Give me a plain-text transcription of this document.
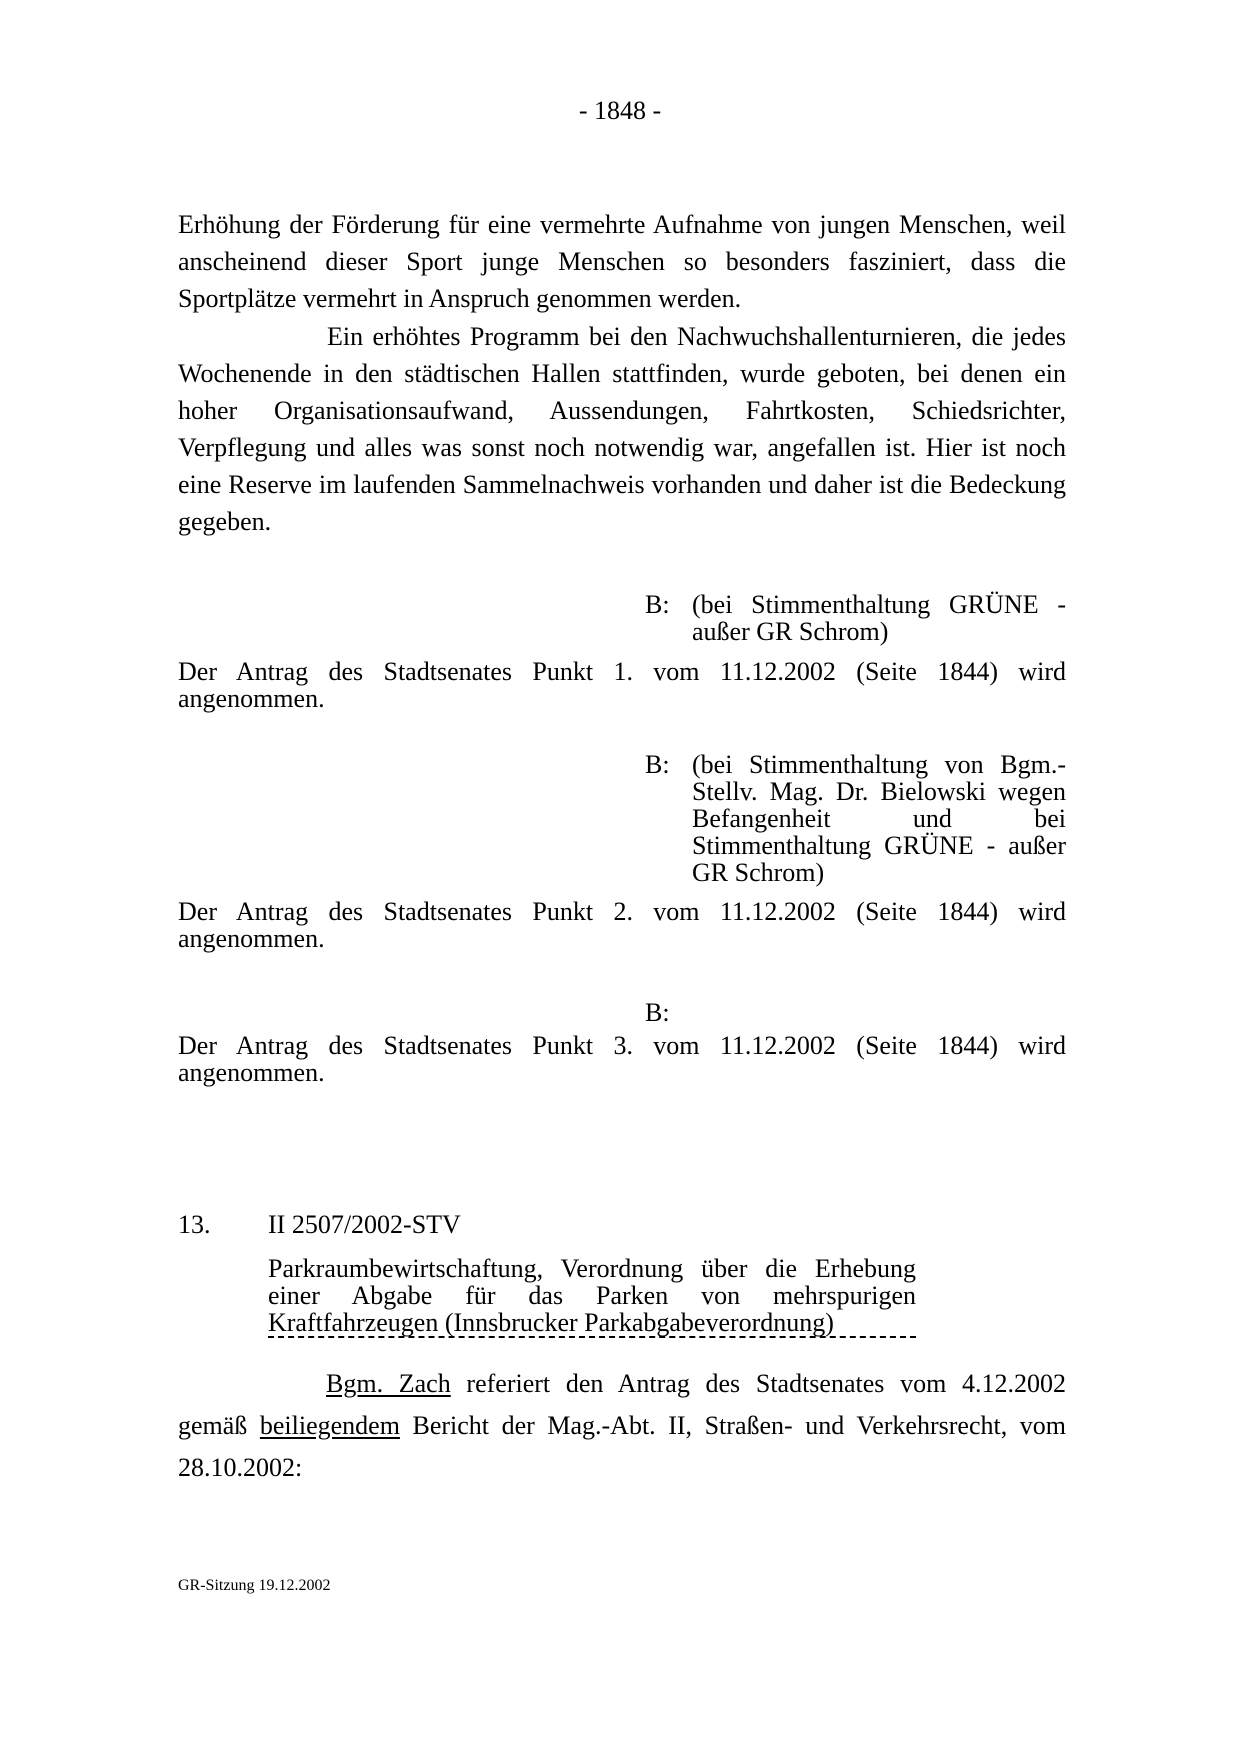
- 1848 -

Erhöhung der Förderung für eine vermehrte Aufnahme von jungen Menschen, weil anscheinend dieser Sport junge Menschen so besonders fasziniert, dass die Sportplätze vermehrt in Anspruch genommen werden.

Ein erhöhtes Programm bei den Nachwuchshallenturnieren, die jedes Wochenende in den städtischen Hallen stattfinden, wurde geboten, bei denen ein hoher Organisationsaufwand, Aussendungen, Fahrtkosten, Schiedsrichter, Verpflegung und alles was sonst noch notwendig war, angefallen ist. Hier ist noch eine Reserve im laufenden Sammelnachweis vorhanden und daher ist die Bedeckung gegeben.

B: (bei Stimmenthaltung GRÜNE - außer GR Schrom)

Der Antrag des Stadtsenates Punkt 1. vom 11.12.2002 (Seite 1844) wird angenommen.

B: (bei Stimmenthaltung von Bgm.-Stellv. Mag. Dr. Bielowski wegen Befangenheit und bei Stimmenthaltung GRÜNE - außer GR Schrom)

Der Antrag des Stadtsenates Punkt 2. vom 11.12.2002 (Seite 1844) wird angenommen.

B:

Der Antrag des Stadtsenates Punkt 3. vom 11.12.2002 (Seite 1844) wird angenommen.

13. II 2507/2002-STV

Parkraumbewirtschaftung, Verordnung über die Erhebung einer Abgabe für das Parken von mehrspurigen Kraftfahrzeugen (Innsbrucker Parkabgabeverordnung)

Bgm. Zach referiert den Antrag des Stadtsenates vom 4.12.2002 gemäß beiliegendem Bericht der Mag.-Abt. II, Straßen- und Verkehrsrecht, vom 28.10.2002:

GR-Sitzung 19.12.2002
